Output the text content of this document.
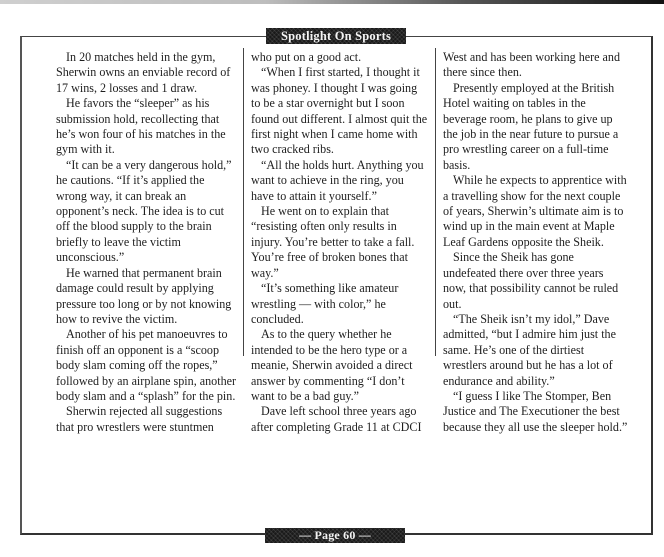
Spotlight On Sports

In 20 matches held in the gym, Sherwin owns an enviable record of 17 wins, 2 losses and 1 draw.

He favors the “sleeper” as his submission hold, recollecting that he’s won four of his matches in the gym with it.

“It can be a very dangerous hold,” he cautions. “If it’s applied the wrong way, it can break an opponent’s neck. The idea is to cut off the blood supply to the brain briefly to leave the victim unconscious.”

He warned that permanent brain damage could result by applying pressure too long or by not knowing how to revive the victim.

Another of his pet manoeuvres to finish off an opponent is a “scoop body slam coming off the ropes,” followed by an airplane spin, another body slam and a “splash” for the pin.

Sherwin rejected all suggestions that pro wrestlers were stuntmen

who put on a good act.

“When I first started, I thought it was phoney. I thought I was going to be a star overnight but I soon found out different. I almost quit the first night when I came home with two cracked ribs.

“All the holds hurt. Anything you want to achieve in the ring, you have to attain it yourself.”

He went on to explain that “resisting often only results in injury. You’re better to take a fall. You’re free of broken bones that way.”

“It’s something like amateur wrestling — with color,” he concluded.

As to the query whether he intended to be the hero type or a meanie, Sherwin avoided a direct answer by commenting “I don’t want to be a bad guy.”

Dave left school three years ago after completing Grade 11 at CDCI

West and has been working here and there since then.

Presently employed at the British Hotel waiting on tables in the beverage room, he plans to give up the job in the near future to pursue a pro wrestling career on a full-time basis.

While he expects to apprentice with a travelling show for the next couple of years, Sherwin’s ultimate aim is to wind up in the main event at Maple Leaf Gardens opposite the Sheik.

Since the Sheik has gone undefeated there over three years now, that possibility cannot be ruled out.

“The Sheik isn’t my idol,” Dave admitted, “but I admire him just the same. He’s one of the dirtiest wrestlers around but he has a lot of endurance and ability.”

“I guess I like The Stomper, Ben Justice and The Executioner the best because they all use the sleeper hold.”

— Page 60 —
